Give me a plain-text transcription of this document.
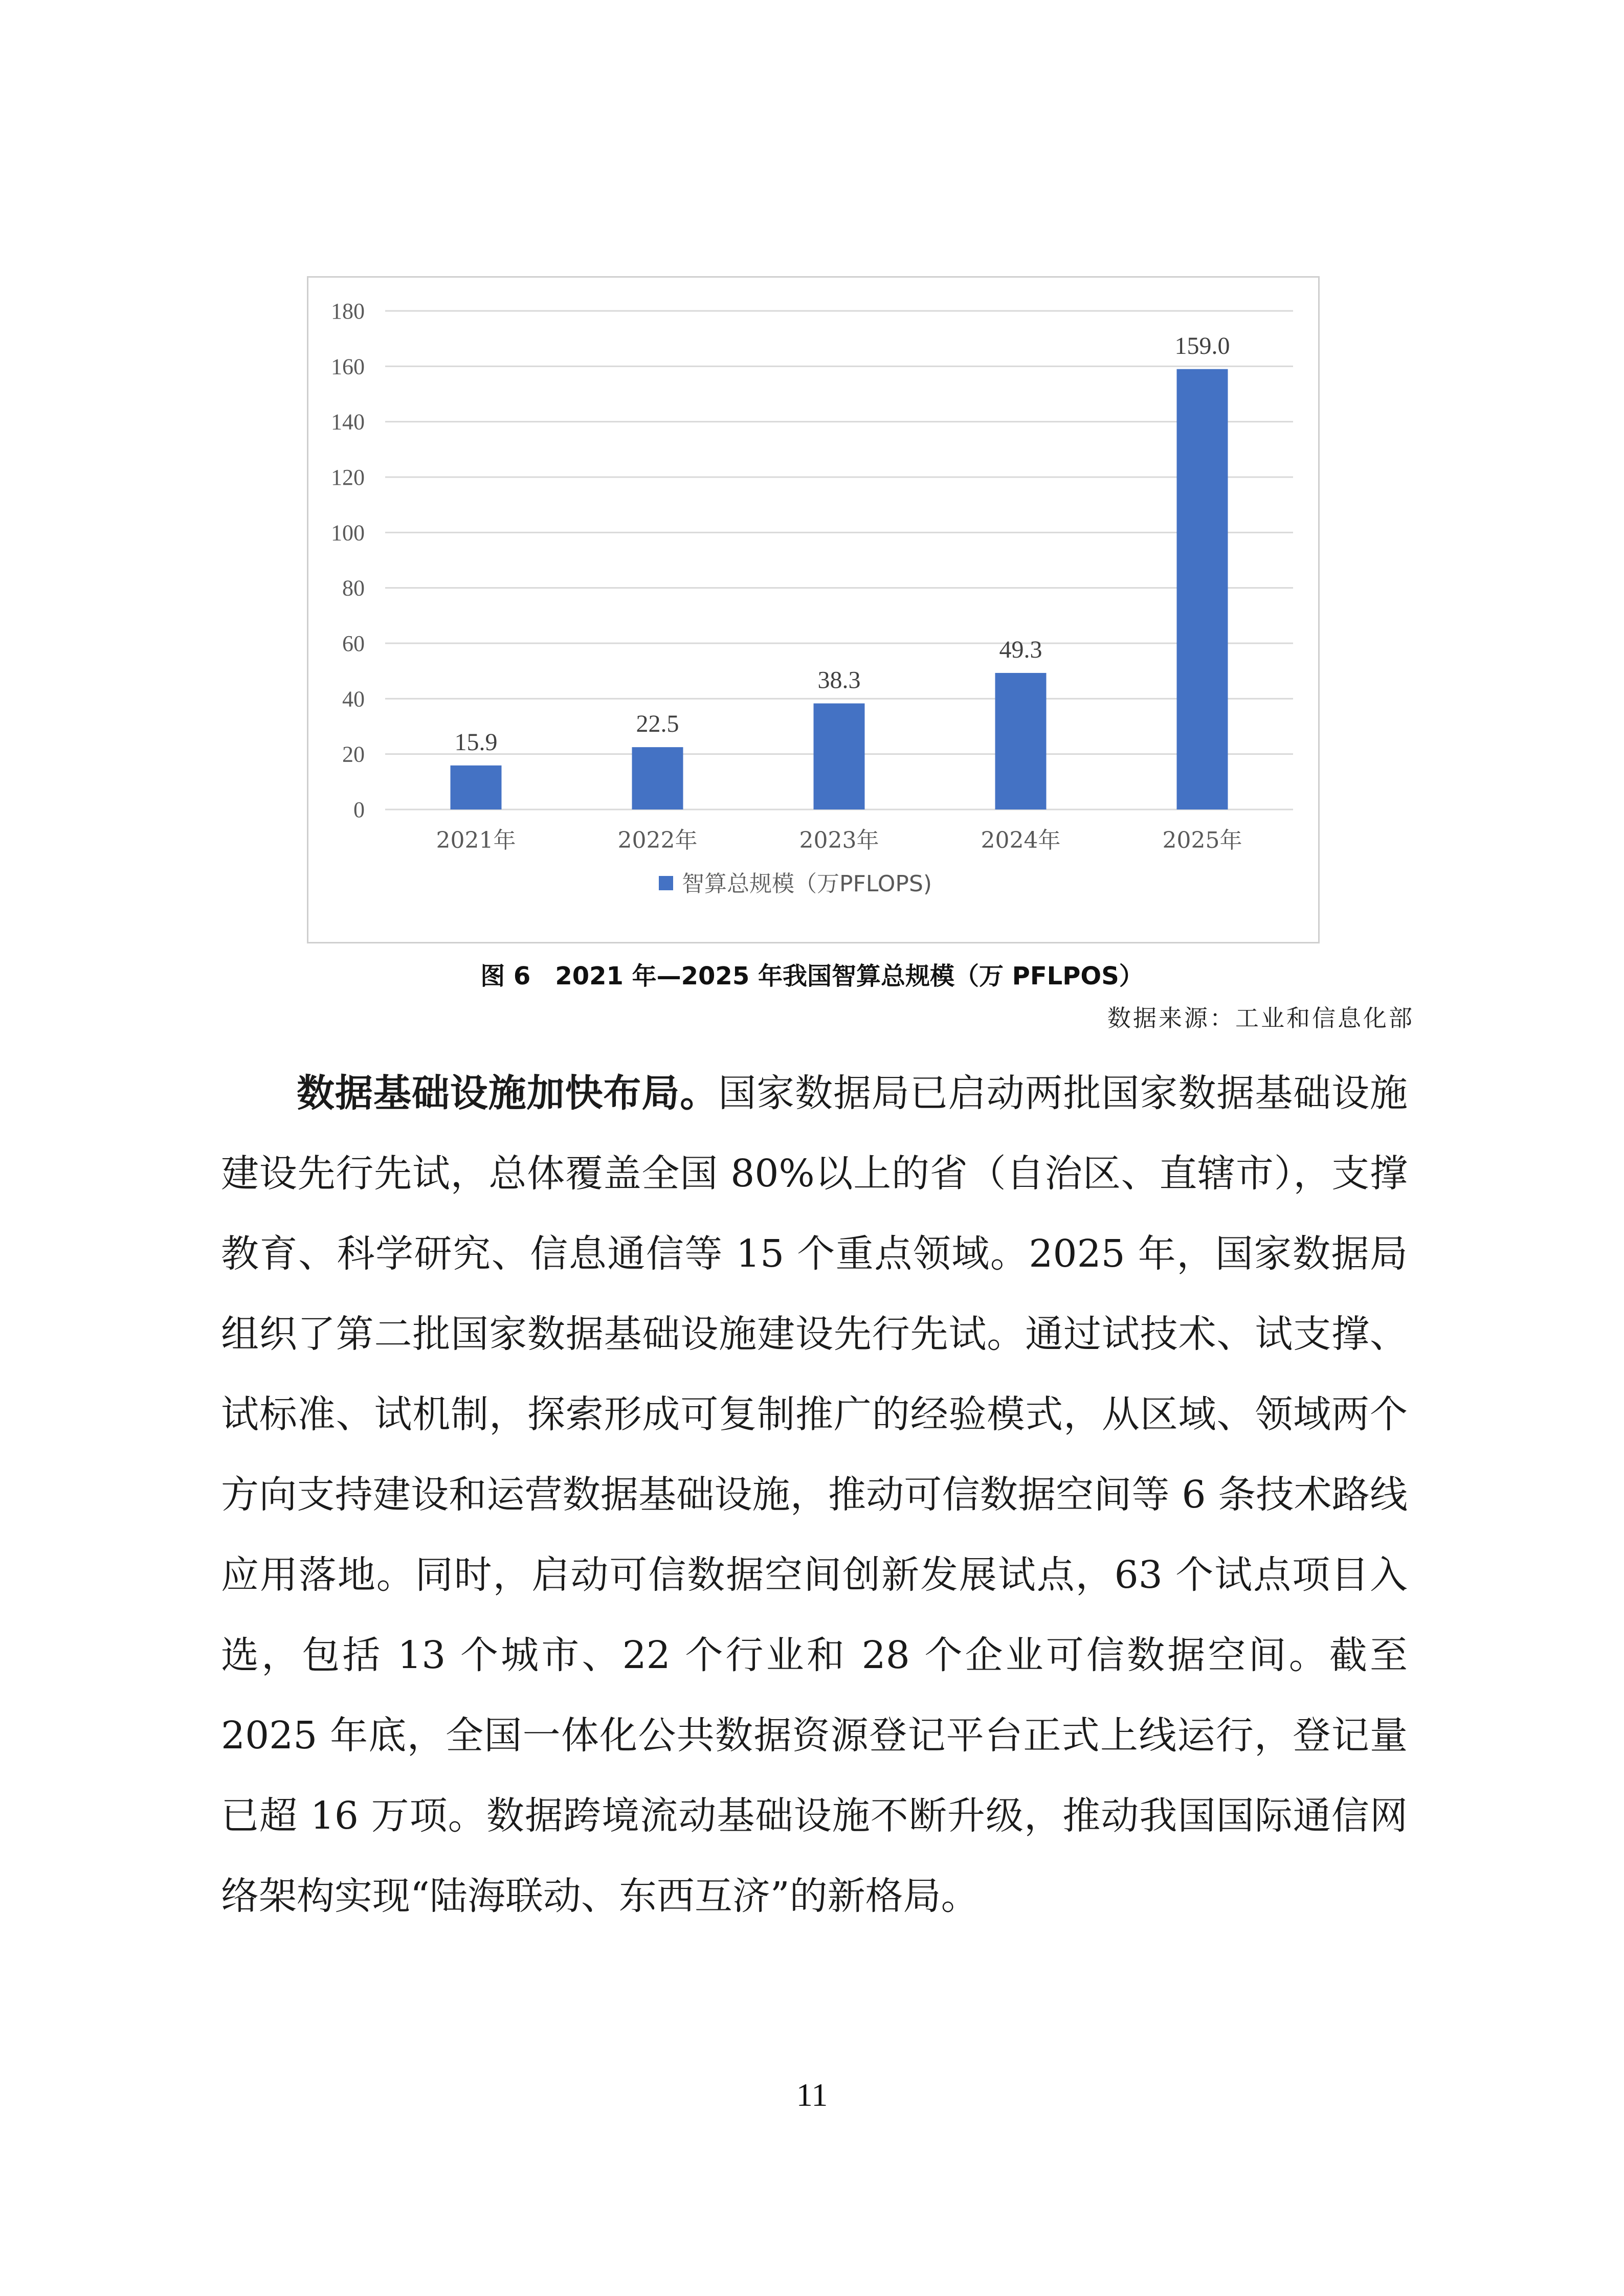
0
20
40
60
80
100
120
140
160
180
15.9
2021年
22.5
2022年
38.3
2023年
49.3
2024年
159.0
2025年
智算总规模（万PFLOPS)
图 6　2021 年—2025 年我国智算总规模（万 PFLPOS）
数据来源：工业和信息化部

数据基础设施加快布局。国家数据局已启动两批国家数据基础设施建设先行先试，总体覆盖全国 80%以上的省（自治区、直辖市），支撑教育、科学研究、信息通信等 15 个重点领域。2025 年，国家数据局组织了第二批国家数据基础设施建设先行先试。通过试技术、试支撑、试标准、试机制，探索形成可复制推广的经验模式，从区域、领域两个方向支持建设和运营数据基础设施，推动可信数据空间等 6 条技术路线应用落地。同时，启动可信数据空间创新发展试点，63 个试点项目入选，包括 13 个城市、22 个行业和 28 个企业可信数据空间。截至 2025 年底，全国一体化公共数据资源登记平台正式上线运行，登记量已超 16 万项。数据跨境流动基础设施不断升级，推动我国国际通信网络架构实现“陆海联动、东西互济”的新格局。

11
